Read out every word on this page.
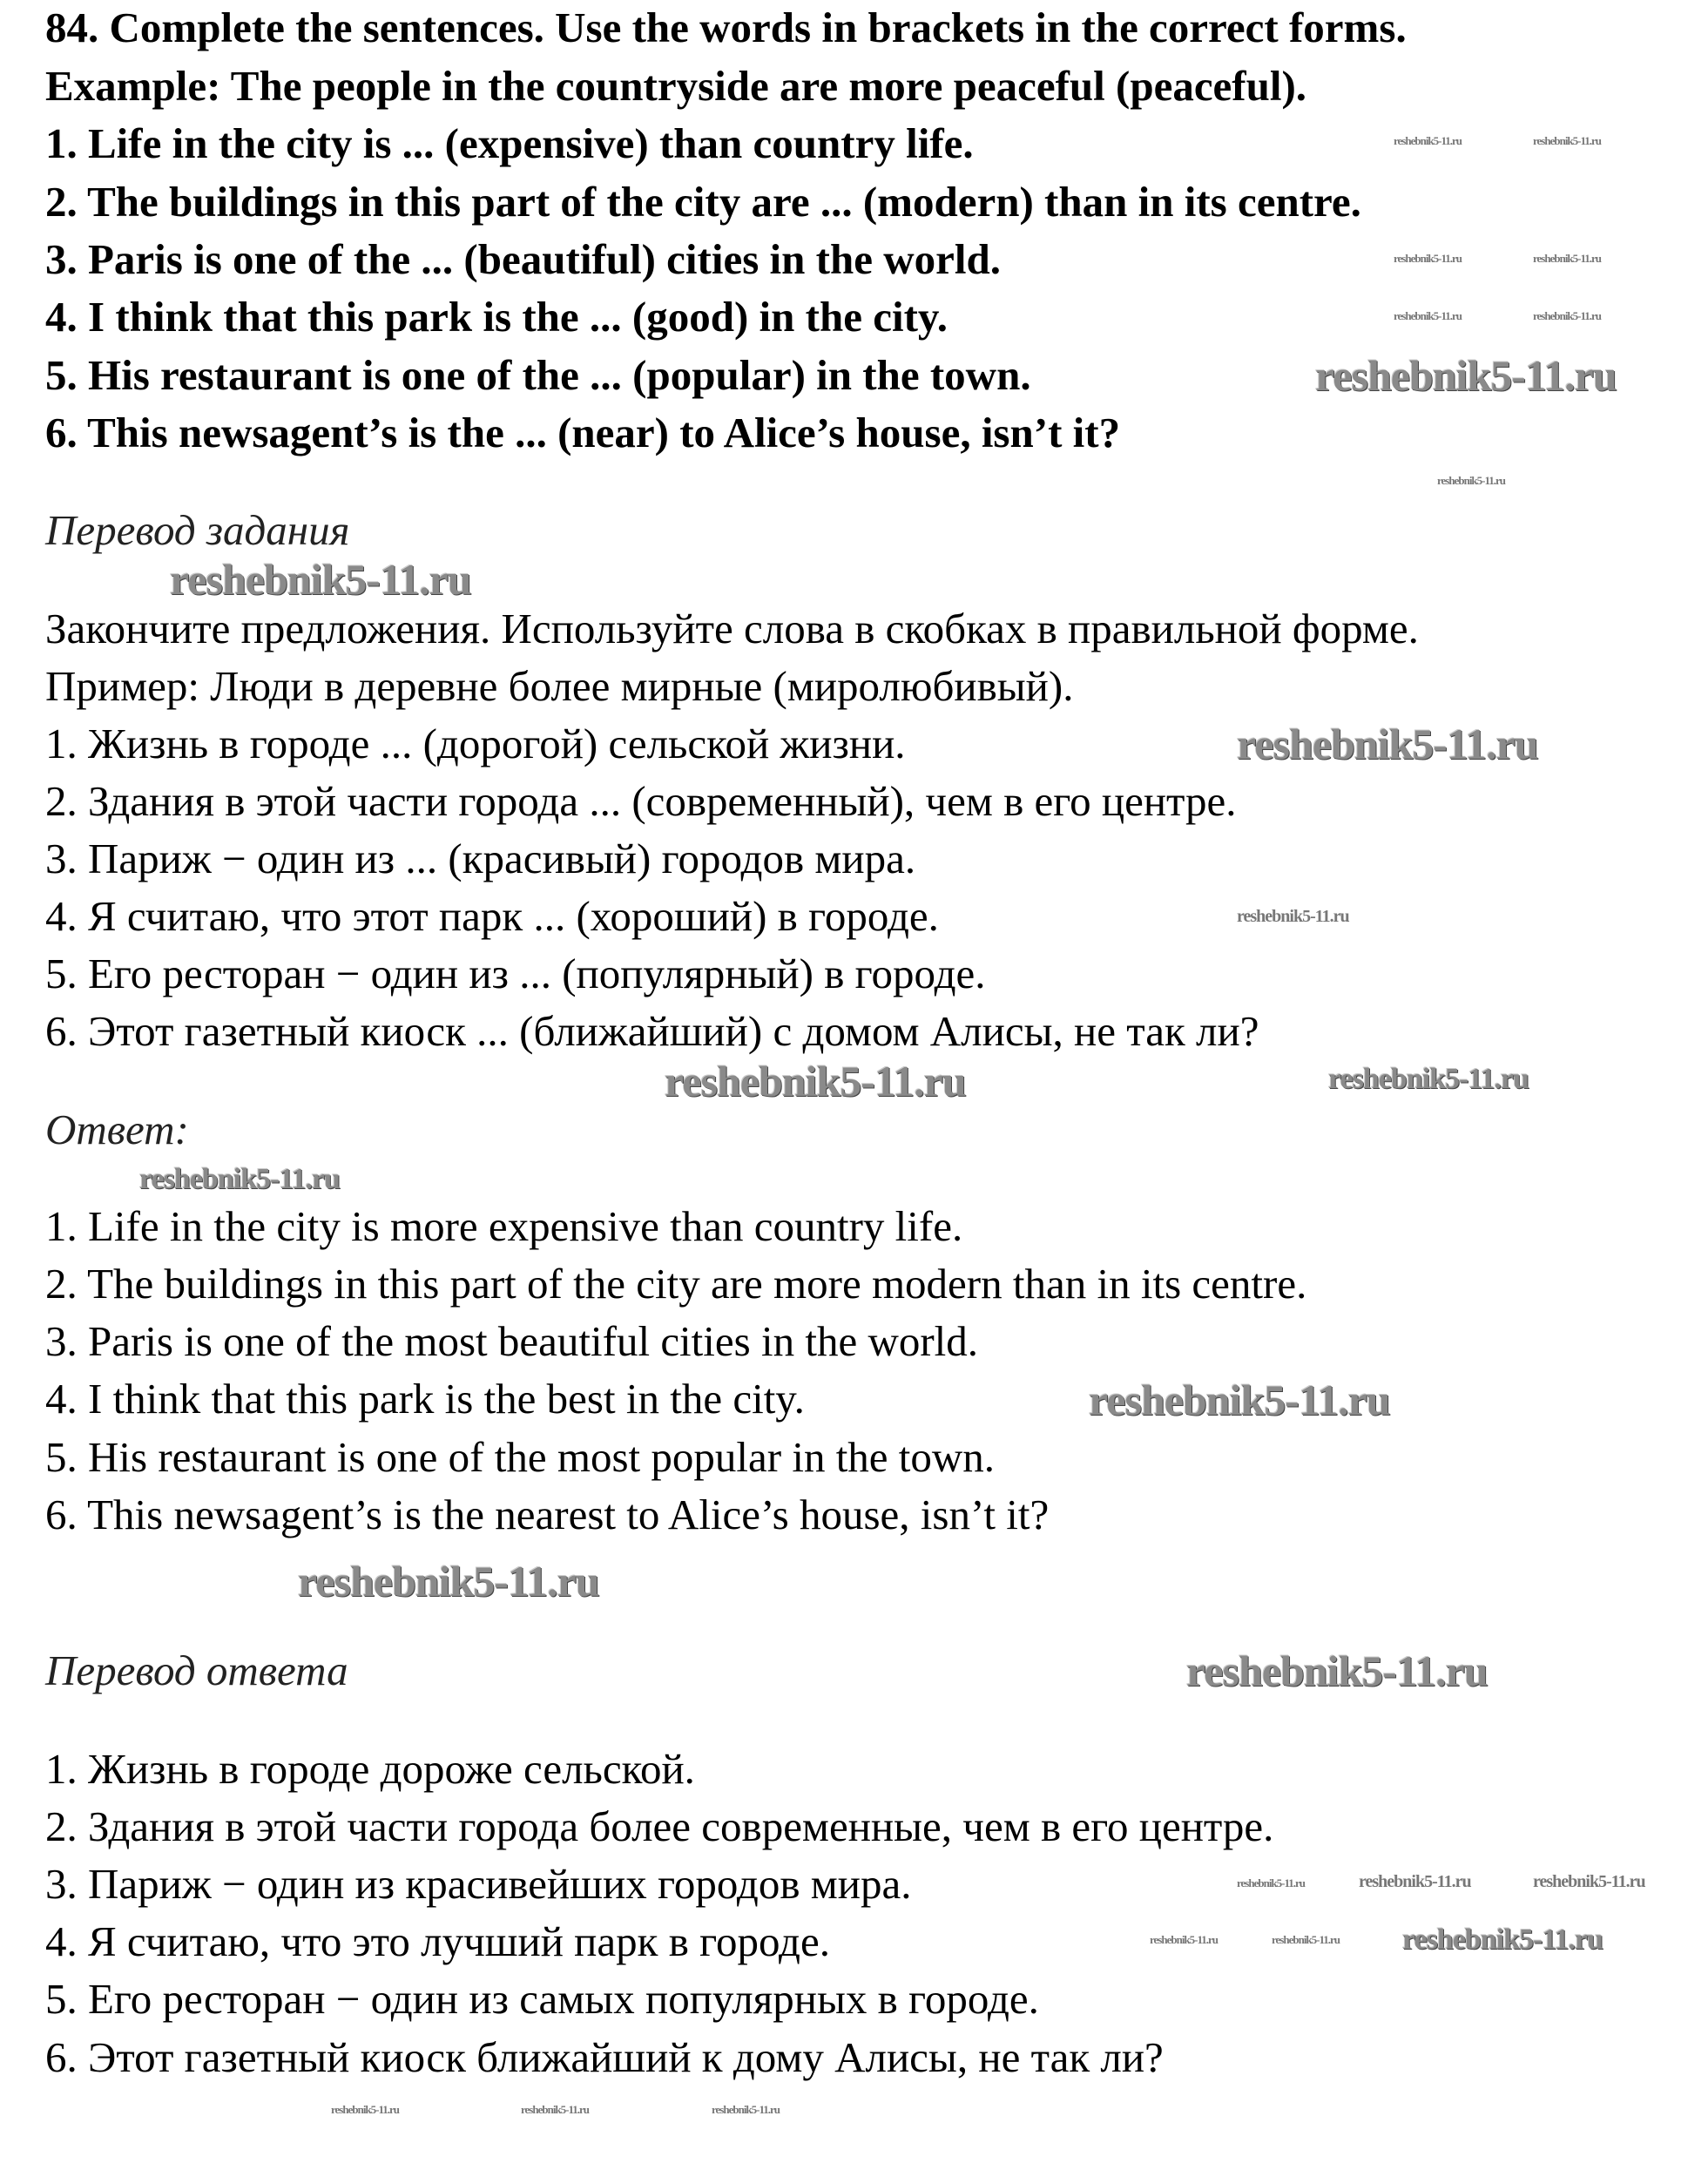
84. Complete the sentences. Use the words in brackets in the correct forms.
Example: The people in the countryside are more peaceful (peaceful).
1. Life in the city is ... (expensive) than country life.
2. The buildings in this part of the city are ... (modern) than in its centre.
3. Paris is one of the ... (beautiful) cities in the world.
4. I think that this park is the ... (good) in the city.
5. His restaurant is one of the ... (popular) in the town.
6. This newsagent’s is the ... (near) to Alice’s house, isn’t it?
Перевод задания
Закончите предложения. Используйте слова в скобках в правильной форме.
Пример: Люди в деревне более мирные (миролюбивый).
1. Жизнь в городе ... (дорогой) сельской жизни.
2. Здания в этой части города ... (современный), чем в его центре.
3. Париж − один из ... (красивый) городов мира.
4. Я считаю, что этот парк ... (хороший) в городе.
5. Его ресторан − один из ... (популярный) в городе.
6. Этот газетный киоск ... (ближайший) с домом Алисы, не так ли?
Ответ:
1. Life in the city is more expensive than country life.
2. The buildings in this part of the city are more modern than in its centre.
3. Paris is one of the most beautiful cities in the world.
4. I think that this park is the best in the city.
5. His restaurant is one of the most popular in the town.
6. This newsagent’s is the nearest to Alice’s house, isn’t it?
Перевод ответа
1. Жизнь в городе дороже сельской.
2. Здания в этой части города более современные, чем в его центре.
3. Париж − один из красивейших городов мира.
4. Я считаю, что это лучший парк в городе.
5. Его ресторан − один из самых популярных в городе.
6. Этот газетный киоск ближайший к дому Алисы, не так ли?
reshebnik5-11.ru	reshebnik5-11.ru
reshebnik5-11.ru	reshebnik5-11.ru
reshebnik5-11.ru	reshebnik5-11.ru
reshebnik5-11.ru
reshebnik5-11.ru
reshebnik5-11.ru
reshebnik5-11.ru
reshebnik5-11.ru
reshebnik5-11.ru
reshebnik5-11.ru
reshebnik5-11.ru
reshebnik5-11.ru
reshebnik5-11.ru
reshebnik5-11.ru
reshebnik5-11.ru	reshebnik5-11.ru	reshebnik5-11.ru
reshebnik5-11.ru	reshebnik5-11.ru reshebnik5-11.ru
reshebnik5-11.ru	reshebnik5-11.ru	reshebnik5-11.ru
